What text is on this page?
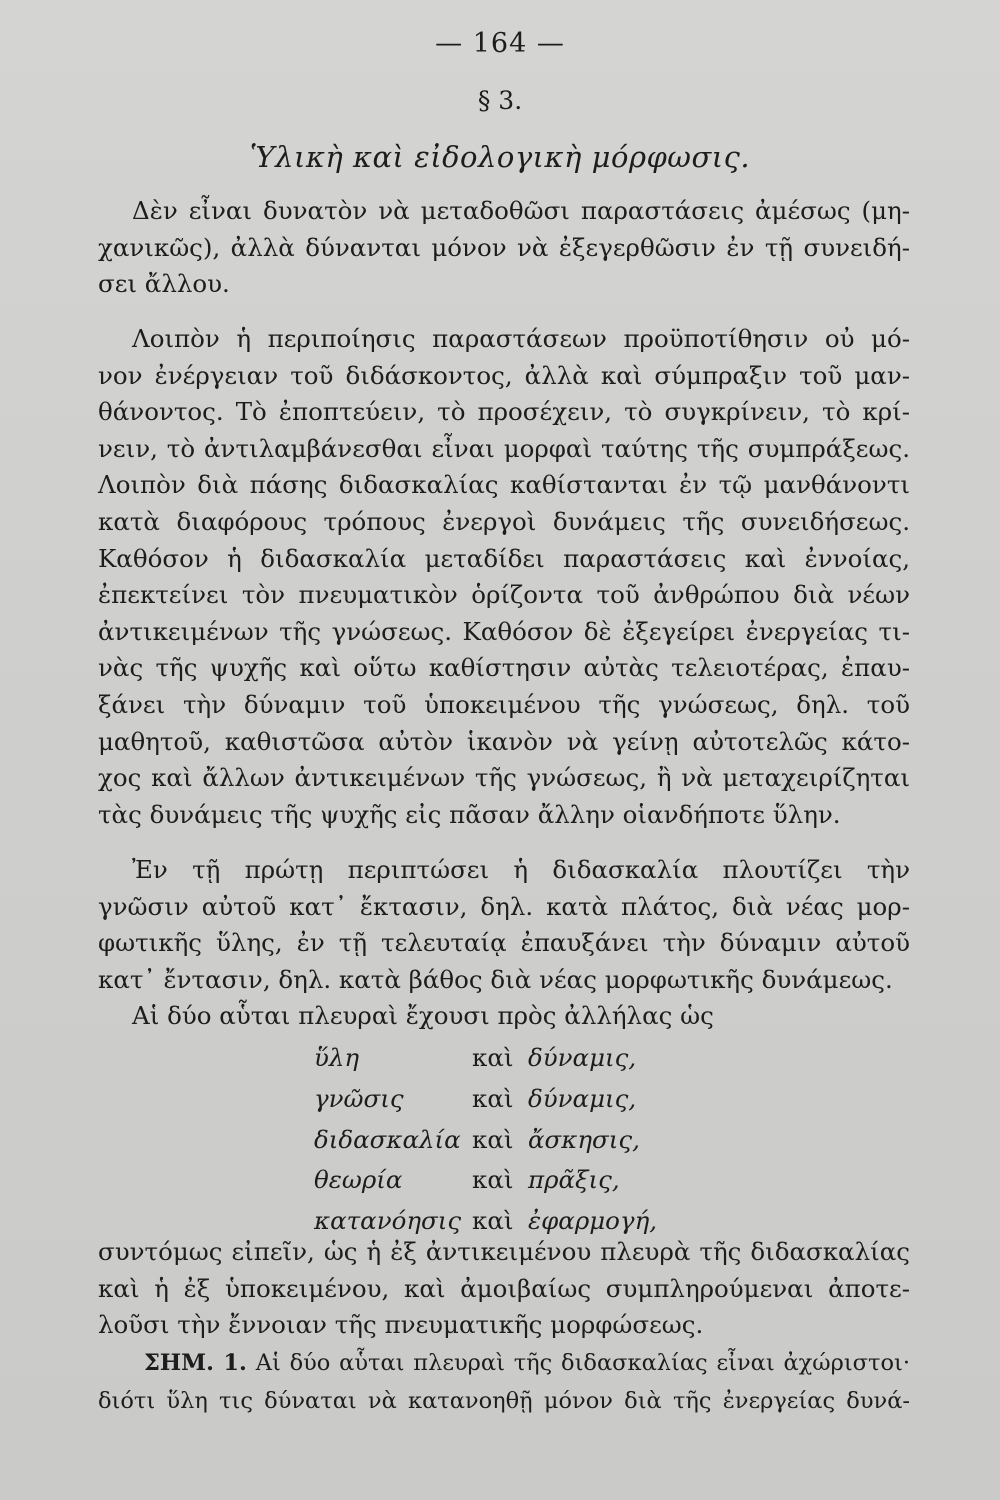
— 164 —
§ 3.
Ὑλικὴ καὶ εἰδολογικὴ μόρφωσις.

Δὲν εἶναι δυνατὸν νὰ μεταδοθῶσι παραστάσεις ἀμέσως (μη-
χανικῶς), ἀλλὰ δύνανται μόνον νὰ ἐξεγερθῶσιν ἐν τῇ συνειδή-
σει ἄλλου.

Λοιπὸν ἡ περιποίησις παραστάσεων προϋποτίθησιν οὐ μό-
νον ἐνέργειαν τοῦ διδάσκοντος, ἀλλὰ καὶ σύμπραξιν τοῦ μαν-
θάνοντος. Τὸ ἐποπτεύειν, τὸ προσέχειν, τὸ συγκρίνειν, τὸ κρί-
νειν, τὸ ἀντιλαμβάνεσθαι εἶναι μορφαὶ ταύτης τῆς συμπράξεως.
Λοιπὸν διὰ πάσης διδασκαλίας καθίστανται ἐν τῷ μανθάνοντι
κατὰ διαφόρους τρόπους ἐνεργοὶ δυνάμεις τῆς συνειδήσεως.
Καθόσον ἡ διδασκαλία μεταδίδει παραστάσεις καὶ ἐννοίας,
ἐπεκτείνει τὸν πνευματικὸν ὁρίζοντα τοῦ ἀνθρώπου διὰ νέων
ἀντικειμένων τῆς γνώσεως. Καθόσον δὲ ἐξεγείρει ἐνεργείας τι-
νὰς τῆς ψυχῆς καὶ οὕτω καθίστησιν αὐτὰς τελειοτέρας, ἐπαυ-
ξάνει τὴν δύναμιν τοῦ ὑποκειμένου τῆς γνώσεως, δηλ. τοῦ
μαθητοῦ, καθιστῶσα αὐτὸν ἱκανὸν νὰ γείνῃ αὐτοτελῶς κάτο-
χος καὶ ἄλλων ἀντικειμένων τῆς γνώσεως, ἢ νὰ μεταχειρίζηται
τὰς δυνάμεις τῆς ψυχῆς εἰς πᾶσαν ἄλλην οἱανδήποτε ὕλην.

Ἐν τῇ πρώτῃ περιπτώσει ἡ διδασκαλία πλουτίζει τὴν
γνῶσιν αὐτοῦ κατ᾽ ἔκτασιν, δηλ. κατὰ πλάτος, διὰ νέας μορ-
φωτικῆς ὕλης, ἐν τῇ τελευταίᾳ ἐπαυξάνει τὴν δύναμιν αὐτοῦ
κατ᾽ ἔντασιν, δηλ. κατὰ βάθος διὰ νέας μορφωτικῆς δυνάμεως.

Αἱ δύο αὗται πλευραὶ ἔχουσι πρὸς ἀλλήλας ὡς

ὕλη	καὶ δύναμις,
γνῶσις	καὶ δύναμις,
διδασκαλία καὶ ἄσκησις,
θεωρία	καὶ πρᾶξις,
κατανόησις καὶ ἐφαρμογή,

συντόμως εἰπεῖν, ὡς ἡ ἐξ ἀντικειμένου πλευρὰ τῆς διδασκαλίας
καὶ ἡ ἐξ ὑποκειμένου, καὶ ἀμοιβαίως συμπληρούμεναι ἀποτε-
λοῦσι τὴν ἔννοιαν τῆς πνευματικῆς μορφώσεως.

ΣΗΜ. 1. Αἱ δύο αὗται πλευραὶ τῆς διδασκαλίας εἶναι ἀχώριστοι·
διότι ὕλη τις δύναται νὰ κατανοηθῇ μόνον διὰ τῆς ἐνεργείας δυνά-
